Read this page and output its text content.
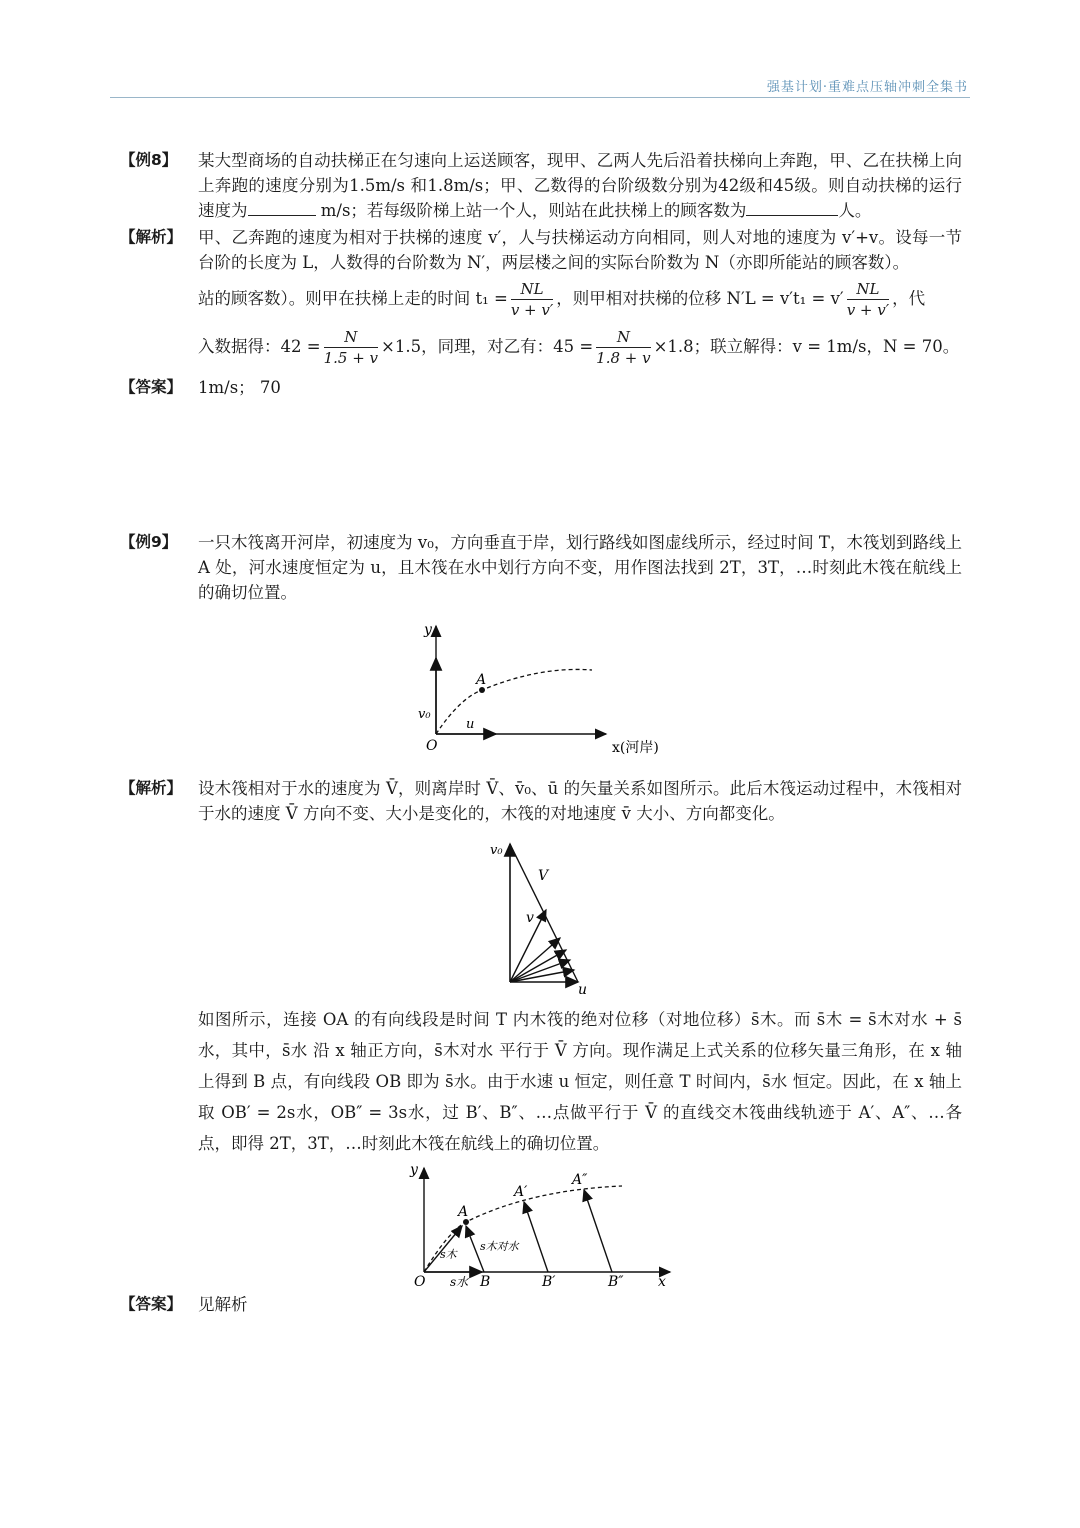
强基计划·重难点压轴冲刺全集书
【例8】	某大型商场的自动扶梯正在匀速向上运送顾客，现甲、乙两人先后沿着扶梯向上奔跑，甲、乙在扶梯上向上奔跑的速度分别为1.5m/s 和1.8m/s；甲、乙数得的台阶级数分别为42级和45级。则自动扶梯的运行速度为	m/s；若每级阶梯上站一个人，则站在此扶梯上的顾客数为	人。
【解析】 甲、乙奔跑的速度为相对于扶梯的速度 v′，人与扶梯运动方向相同，则人对地的速度为 v′+v。设每一节台阶的长度为 L，人数得的台阶数为 N′，两层楼之间的实际台阶数为 N（亦即所能站的顾客数）。
站的顾客数）。则甲在扶梯上走的时间 $t_1 = \frac{NL}{v + v'}$ ，则甲相对扶梯的位移 $N'L = v't_1 = v' \frac{NL}{v + v'}$ ，代
入数据得：$42 = \frac{N}{1.5 + v} \times 1.5$，同理，对乙有：$45 = \frac{N}{1.8 + v} \times 1.8$；联立解得：v = 1m/s，N = 70。
【答案】 1m/s； 70
【例9】	一只木筏离开河岸，初速度为 v₀，方向垂直于岸，划行路线如图虚线所示，经过时间 T，木筏划到路线上 A 处，河水速度恒定为 u，且木筏在水中划行方向不变，用作图法找到 2T，3T，…时刻此木筏在航线上的确切位置。
y
A
v₀
u
O	x(河岸)
【解析】 设木筏相对于水的速度为 V̄，则离岸时 V̄、v̄₀、ū 的矢量关系如图所示。此后木筏运动过程中，木筏相对于水的速度 V̄ 方向不变、大小是变化的，木筏的对地速度 v̄ 大小、方向都变化。
v₀
V
v
u
如图所示，连接 OA 的有向线段是时间 T 内木筏的绝对位移（对地位移）s̄木。而 s̄木 = s̄木对水 + s̄水，其中，s̄水 沿 x 轴正方向，s̄木对水 平行于 V̄ 方向。现作满足上式关系的位移矢量三角形，在 x 轴上得到 B 点，有向线段 OB 即为 s̄水。由于水速 u 恒定，则任意 T 时间内，s̄水 恒定。因此，在 x 轴上取 OB′ = 2s水，OB″ = 3s水，过 B′、B″、…点做平行于 V̄ 的直线交木筏曲线轨迹于 A′、A″、…各点，即得 2T，3T，…时刻此木筏在航线上的确切位置。
y
A
A′
A″
s木
s木对水
O s水 B	B′	B″ x
【答案】 见解析
